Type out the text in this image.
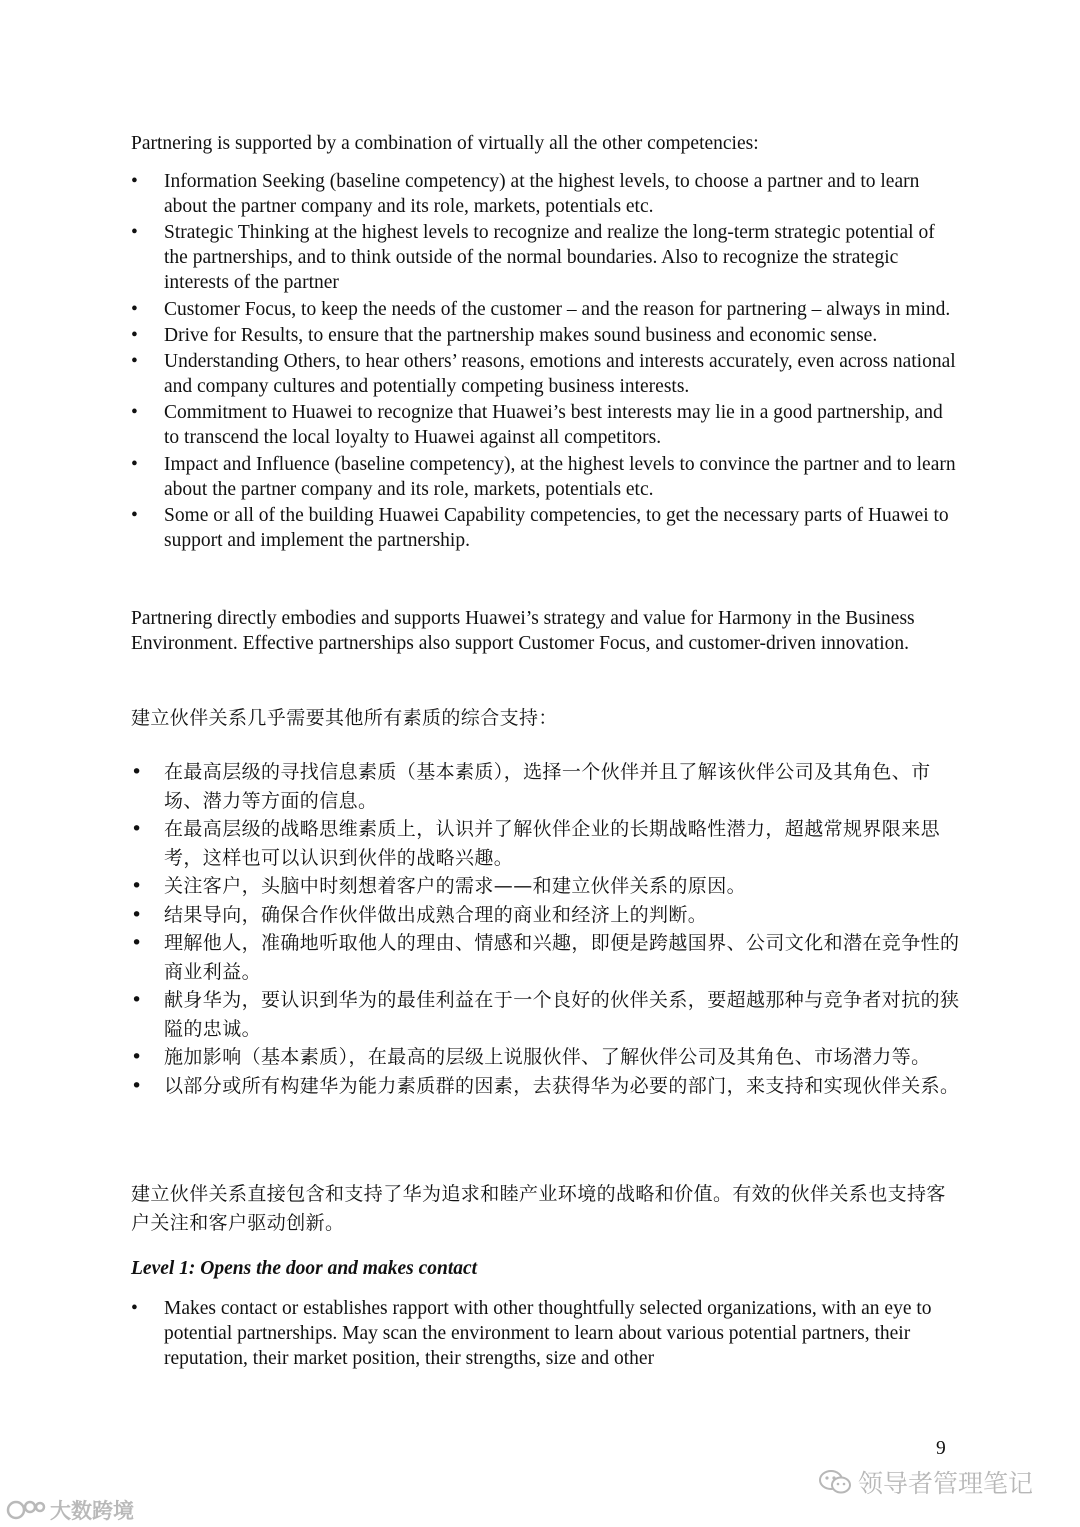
Partnering is supported by a combination of virtually all the other competencies:

• Information Seeking (baseline competency) at the highest levels, to choose a partner and to learn about the partner company and its role, markets, potentials etc.
• Strategic Thinking at the highest levels to recognize and realize the long-term strategic potential of the partnerships, and to think outside of the normal boundaries. Also to recognize the strategic interests of the partner
• Customer Focus, to keep the needs of the customer – and the reason for partnering – always in mind.
• Drive for Results, to ensure that the partnership makes sound business and economic sense.
• Understanding Others, to hear others’ reasons, emotions and interests accurately, even across national and company cultures and potentially competing business interests.
• Commitment to Huawei to recognize that Huawei’s best interests may lie in a good partnership, and to transcend the local loyalty to Huawei against all competitors.
• Impact and Influence (baseline competency), at the highest levels to convince the partner and to learn about the partner company and its role, markets, potentials etc.
• Some or all of the building Huawei Capability competencies, to get the necessary parts of Huawei to support and implement the partnership.

Partnering directly embodies and supports Huawei’s strategy and value for Harmony in the Business Environment. Effective partnerships also support Customer Focus, and customer-driven innovation.

建立伙伴关系几乎需要其他所有素质的综合支持：

• 在最高层级的寻找信息素质（基本素质），选择一个伙伴并且了解该伙伴公司及其角色、市场、潜力等方面的信息。
• 在最高层级的战略思维素质上，认识并了解伙伴企业的长期战略性潜力，超越常规界限来思考，这样也可以认识到伙伴的战略兴趣。
• 关注客户，头脑中时刻想着客户的需求——和建立伙伴关系的原因。
• 结果导向，确保合作伙伴做出成熟合理的商业和经济上的判断。
• 理解他人，准确地听取他人的理由、情感和兴趣，即便是跨越国界、公司文化和潜在竞争性的商业利益。
• 献身华为，要认识到华为的最佳利益在于一个良好的伙伴关系，要超越那种与竞争者对抗的狭隘的忠诚。
• 施加影响（基本素质），在最高的层级上说服伙伴、了解伙伴公司及其角色、市场潜力等。
• 以部分或所有构建华为能力素质群的因素，去获得华为必要的部门，来支持和实现伙伴关系。

建立伙伴关系直接包含和支持了华为追求和睦产业环境的战略和价值。有效的伙伴关系也支持客户关注和客户驱动创新。

Level 1: Opens the door and makes contact
• Makes contact or establishes rapport with other thoughtfully selected organizations, with an eye to potential partnerships. May scan the environment to learn about various potential partners, their reputation, their market position, their strengths, size and other
9
领导者管理笔记
大数跨境
